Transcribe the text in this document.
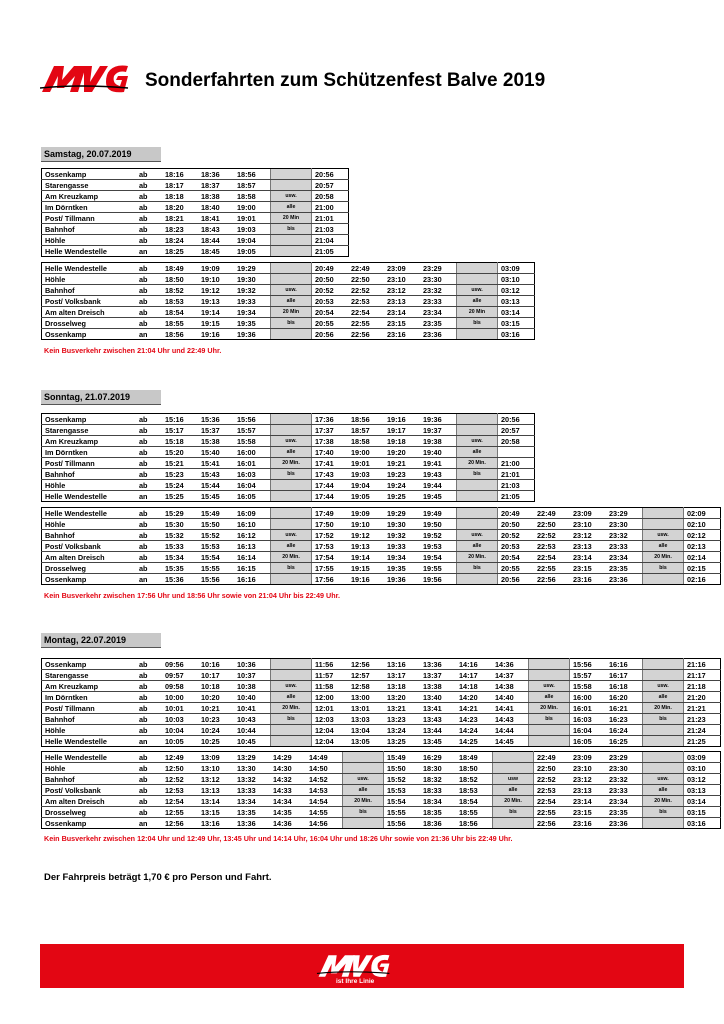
Sonderfahrten zum Schützenfest Balve 2019
Samstag, 20.07.2019
Sonntag, 21.07.2019
Montag, 22.07.2019
Ossenkamp	ab	18:16	18:36	18:56		20:56
Starengasse	ab	18:17	18:37	18:57		20:57
Am Kreuzkamp	ab	18:18	18:38	18:58	usw.	20:58
Im Dörntken	ab	18:20	18:40	19:00	alle	21:00
Post/ Tillmann	ab	18:21	18:41	19:01	20 Min	21:01
Bahnhof	ab	18:23	18:43	19:03	bis	21:03
Höhle	ab	18:24	18:44	19:04		21:04
Helle Wendestelle	an	18:25	18:45	19:05		21:05
Helle Wendestelle	ab	18:49	19:09	19:29		20:49	22:49	23:09	23:29		03:09
Höhle	ab	18:50	19:10	19:30		20:50	22:50	23:10	23:30		03:10
Bahnhof	ab	18:52	19:12	19:32	usw.	20:52	22:52	23:12	23:32	usw.	03:12
Post/ Volksbank	ab	18:53	19:13	19:33	alle	20:53	22:53	23:13	23:33	alle	03:13
Am alten Dreisch	ab	18:54	19:14	19:34	20 Min	20:54	22:54	23:14	23:34	20 Min	03:14
Drosselweg	ab	18:55	19:15	19:35	bis	20:55	22:55	23:15	23:35	bis	03:15
Ossenkamp	an	18:56	19:16	19:36		20:56	22:56	23:16	23:36		03:16
Kein Busverkehr zwischen 21:04 Uhr und 22:49 Uhr.
Ossenkamp	ab	15:16	15:36	15:56		17:36	18:56	19:16	19:36		20:56
Starengasse	ab	15:17	15:37	15:57		17:37	18:57	19:17	19:37		20:57
Am Kreuzkamp	ab	15:18	15:38	15:58	usw.	17:38	18:58	19:18	19:38	usw.	20:58
Im Dörntken	ab	15:20	15:40	16:00	alle	17:40	19:00	19:20	19:40	alle	
Post/ Tillmann	ab	15:21	15:41	16:01	20 Min.	17:41	19:01	19:21	19:41	20 Min.	21:00
Bahnhof	ab	15:23	15:43	16:03	bis	17:43	19:03	19:23	19:43	bis	21:01
Höhle	ab	15:24	15:44	16:04		17:44	19:04	19:24	19:44		21:03
Helle Wendestelle	an	15:25	15:45	16:05		17:44	19:05	19:25	19:45		21:05
Helle Wendestelle	ab	15:29	15:49	16:09		17:49	19:09	19:29	19:49		20:49	22:49	23:09	23:29		02:09
Höhle	ab	15:30	15:50	16:10		17:50	19:10	19:30	19:50		20:50	22:50	23:10	23:30		02:10
Bahnhof	ab	15:32	15:52	16:12	usw.	17:52	19:12	19:32	19:52	usw.	20:52	22:52	23:12	23:32	usw.	02:12
Post/ Volksbank	ab	15:33	15:53	16:13	alle	17:53	19:13	19:33	19:53	alle	20:53	22:53	23:13	23:33	alle	02:13
Am alten Dreisch	ab	15:34	15:54	16:14	20 Min.	17:54	19:14	19:34	19:54	20 Min.	20:54	22:54	23:14	23:34	20 Min.	02:14
Drosselweg	ab	15:35	15:55	16:15	bis	17:55	19:15	19:35	19:55	bis	20:55	22:55	23:15	23:35	bis	02:15
Ossenkamp	an	15:36	15:56	16:16		17:56	19:16	19:36	19:56		20:56	22:56	23:16	23:36		02:16
Kein Busverkehr zwischen 17:56 Uhr und 18:56 Uhr sowie von 21:04 Uhr bis 22:49 Uhr.
Ossenkamp	ab	09:56	10:16	10:36		11:56	12:56	13:16	13:36	14:16	14:36		15:56	16:16		21:16
Starengasse	ab	09:57	10:17	10:37		11:57	12:57	13:17	13:37	14:17	14:37		15:57	16:17		21:17
Am Kreuzkamp	ab	09:58	10:18	10:38	usw.	11:58	12:58	13:18	13:38	14:18	14:38	usw.	15:58	16:18	usw.	21:18
Im Dörntken	ab	10:00	10:20	10:40	alle	12:00	13:00	13:20	13:40	14:20	14:40	alle	16:00	16:20	alle	21:20
Post/ Tillmann	ab	10:01	10:21	10:41	20 Min.	12:01	13:01	13:21	13:41	14:21	14:41	20 Min.	16:01	16:21	20 Min.	21:21
Bahnhof	ab	10:03	10:23	10:43	bis	12:03	13:03	13:23	13:43	14:23	14:43	bis	16:03	16:23	bis	21:23
Höhle	ab	10:04	10:24	10:44		12:04	13:04	13:24	13:44	14:24	14:44		16:04	16:24		21:24
Helle Wendestelle	an	10:05	10:25	10:45		12:04	13:05	13:25	13:45	14:25	14:45		16:05	16:25		21:25
Helle Wendestelle	ab	12:49	13:09	13:29	14:29	14:49		15:49	16:29	18:49		22:49	23:09	23:29		03:09
Höhle	ab	12:50	13:10	13:30	14:30	14:50		15:50	18:30	18:50		22:50	23:10	23:30		03:10
Bahnhof	ab	12:52	13:12	13:32	14:32	14:52	usw.	15:52	18:32	18:52	usw	22:52	23:12	23:32	usw.	03:12
Post/ Volksbank	ab	12:53	13:13	13:33	14:33	14:53	alle	15:53	18:33	18:53	alle	22:53	23:13	23:33	alle	03:13
Am alten Dreisch	ab	12:54	13:14	13:34	14:34	14:54	20 Min.	15:54	18:34	18:54	20 Min.	22:54	23:14	23:34	20 Min.	03:14
Drosselweg	ab	12:55	13:15	13:35	14:35	14:55	bis	15:55	18:35	18:55	bis	22:55	23:15	23:35	bis	03:15
Ossenkamp	an	12:56	13:16	13:36	14:36	14:56		15:56	18:36	18:56		22:56	23:16	23:36		03:16
Kein Busverkehr zwischen 12:04 Uhr und 12:49 Uhr, 13:45 Uhr und 14:14 Uhr, 16:04 Uhr und 18:26 Uhr sowie von 21:36 Uhr bis 22:49 Uhr.
Der Fahrpreis beträgt 1,70 € pro Person und Fahrt.
ist Ihre Linie
